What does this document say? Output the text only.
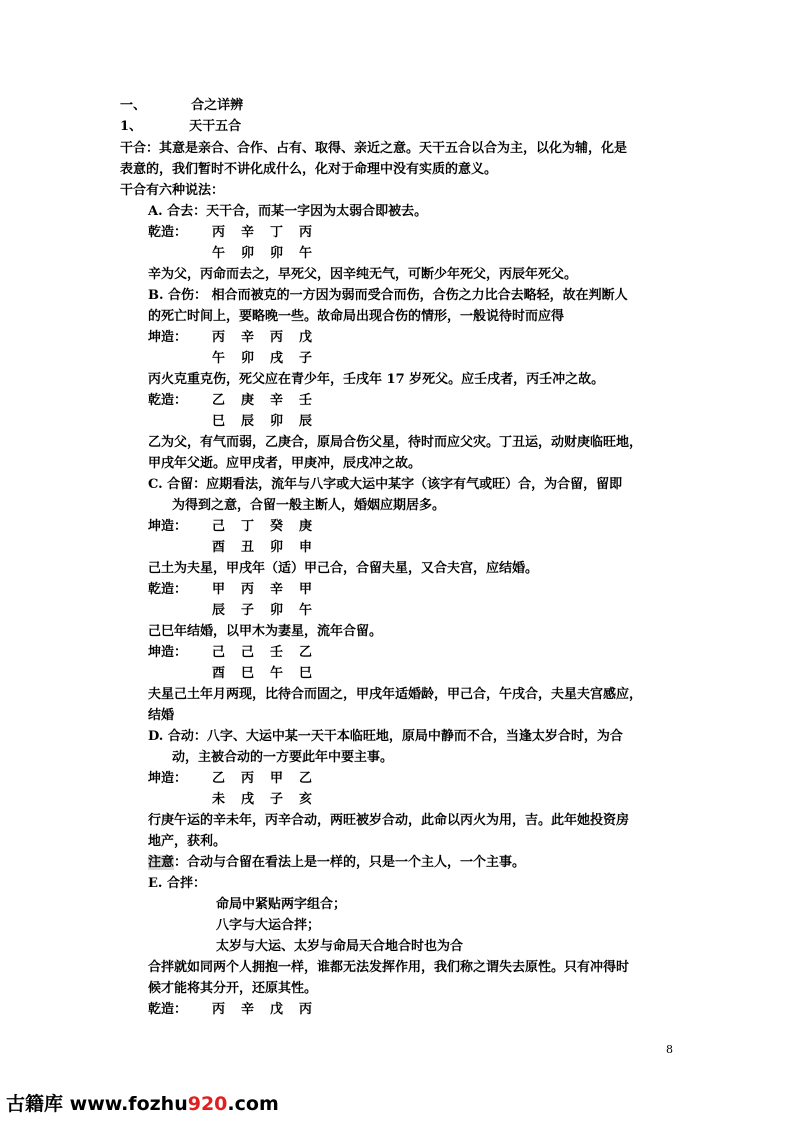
一、	合之详辨
1、	天干五合
干合：其意是亲合、合作、占有、取得、亲近之意。天干五合以合为主，以化为辅，化是
表意的，我们暂时不讲化成什么，化对于命理中没有实质的意义。
干合有六种说法：
A. 合去：天干合，而某一字因为太弱合即被去。
乾造： 丙 辛 丁 丙
午 卯 卯 午
辛为父，丙命而去之，早死父，因辛纯无气，可断少年死父，丙辰年死父。
B. 合伤： 相合而被克的一方因为弱而受合而伤，合伤之力比合去略轻，故在判断人
的死亡时间上，要略晚一些。故命局出现合伤的情形，一般说待时而应得
坤造： 丙 辛 丙 戊
午 卯 戌 子
丙火克重克伤，死父应在青少年，壬戌年 17 岁死父。应壬戌者，丙壬冲之故。
乾造： 乙 庚 辛 壬
巳 辰 卯 辰
乙为父，有气而弱，乙庚合，原局合伤父星，待时而应父灾。丁丑运，动财庚临旺地，
甲戌年父逝。应甲戌者，甲庚冲，辰戌冲之故。
C. 合留：应期看法，流年与八字或大运中某字（该字有气或旺）合，为合留，留即
为得到之意，合留一般主断人，婚姻应期居多。
坤造： 己 丁 癸 庚
酉 丑 卯 申
己土为夫星，甲戌年（适）甲己合，合留夫星，又合夫宫，应结婚。
乾造： 甲 丙 辛 甲
辰 子 卯 午
己巳年结婚，以甲木为妻星，流年合留。
坤造： 己 己 壬 乙
酉 巳 午 巳
夫星己土年月两现，比待合而固之，甲戌年适婚龄，甲己合，午戌合，夫星夫宫感应，
结婚
D. 合动：八字、大运中某一天干本临旺地，原局中静而不合，当逢太岁合时，为合
动，主被合动的一方要此年中要主事。
坤造： 乙 丙 甲 乙
未 戌 子 亥
行庚午运的辛未年，丙辛合动，两旺被岁合动，此命以丙火为用，吉。此年她投资房
地产，获利。
注意：合动与合留在看法上是一样的，只是一个主人，一个主事。
E. 合拌：
命局中紧贴两字组合；
八字与大运合拌；
太岁与大运、太岁与命局天合地合时也为合
合拌就如同两个人拥抱一样，谁都无法发挥作用，我们称之谓失去原性。只有冲得时
候才能将其分开，还原其性。
乾造： 丙 辛 戊 丙
8
古籍库 www.fozhu920.com
